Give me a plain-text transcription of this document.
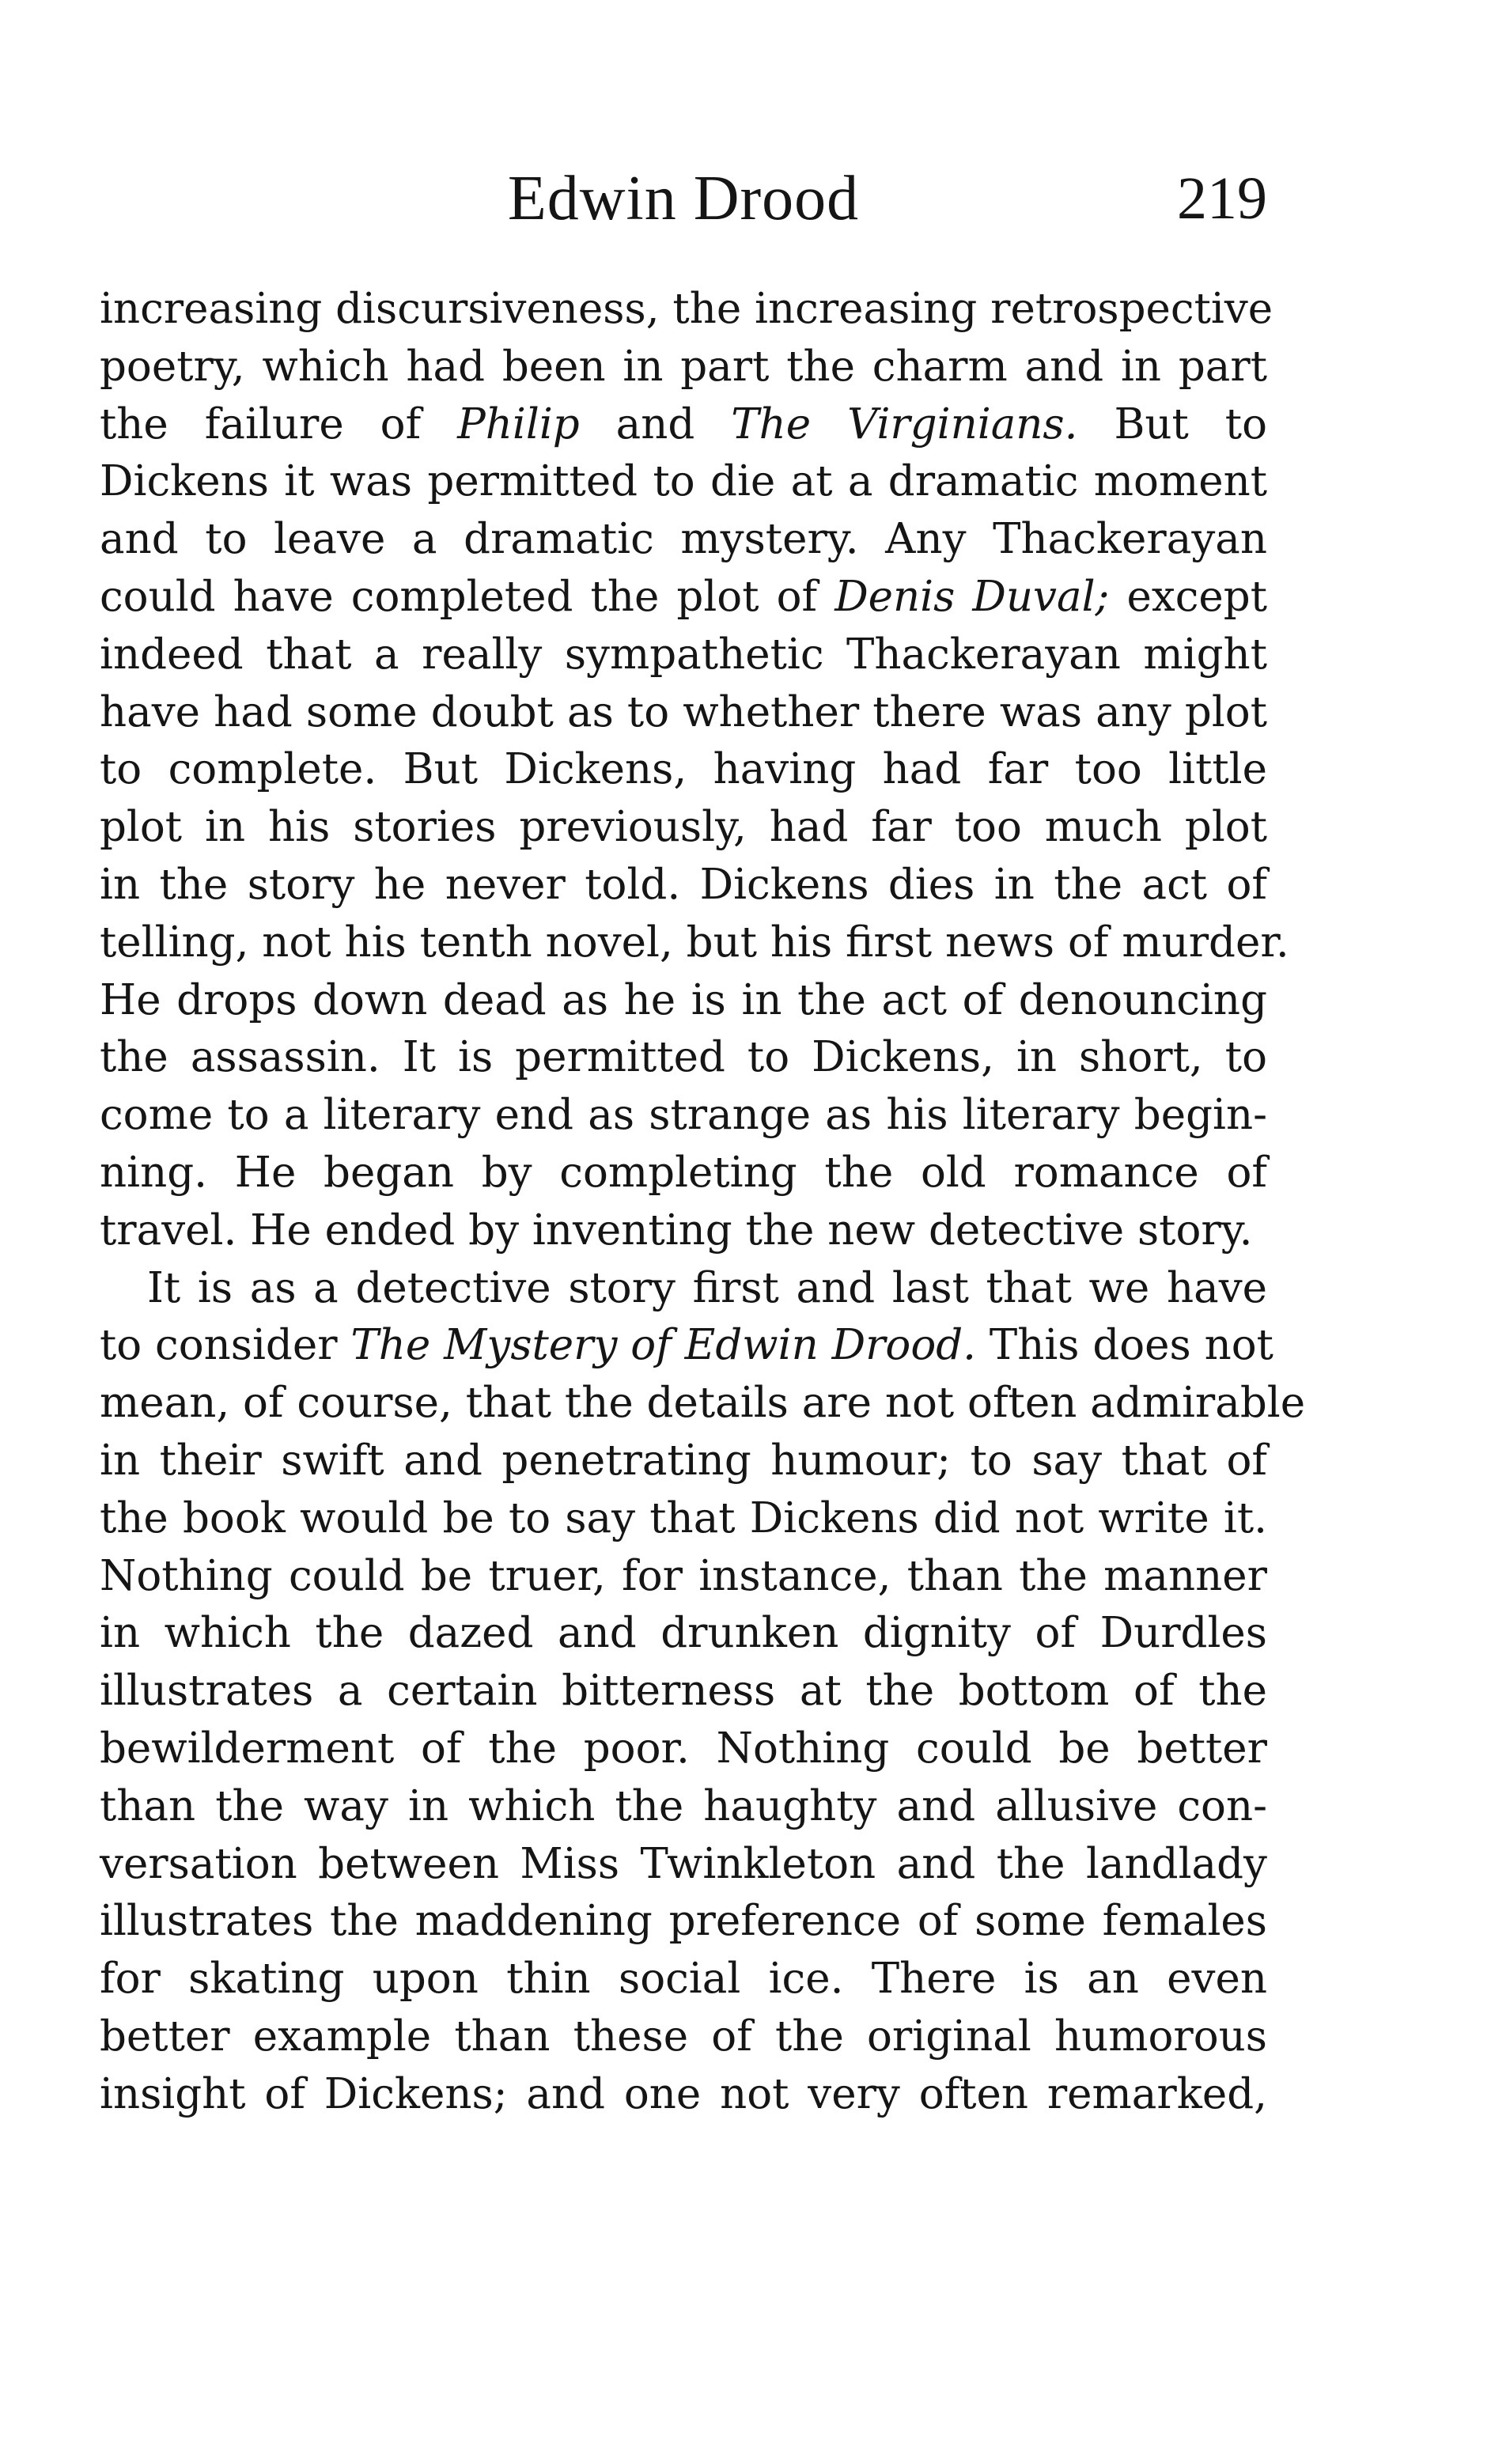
Edwin Drood	219
increasing discursiveness, the increasing retrospective
poetry, which had been in part the charm and in part
the failure of Philip and The Virginians. But to
Dickens it was permitted to die at a dramatic moment
and to leave a dramatic mystery. Any Thackerayan
could have completed the plot of Denis Duval; except
indeed that a really sympathetic Thackerayan might
have had some doubt as to whether there was any plot
to complete. But Dickens, having had far too little
plot in his stories previously, had far too much plot
in the story he never told. Dickens dies in the act of
telling, not his tenth novel, but his first news of murder.
He drops down dead as he is in the act of denouncing
the assassin. It is permitted to Dickens, in short, to
come to a literary end as strange as his literary begin-
ning. He began by completing the old romance of
travel. He ended by inventing the new detective story.
It is as a detective story first and last that we have
to consider The Mystery of Edwin Drood. This does not
mean, of course, that the details are not often admirable
in their swift and penetrating humour; to say that of
the book would be to say that Dickens did not write it.
Nothing could be truer, for instance, than the manner
in which the dazed and drunken dignity of Durdles
illustrates a certain bitterness at the bottom of the
bewilderment of the poor. Nothing could be better
than the way in which the haughty and allusive con-
versation between Miss Twinkleton and the landlady
illustrates the maddening preference of some females
for skating upon thin social ice. There is an even
better example than these of the original humorous
insight of Dickens; and one not very often remarked,
